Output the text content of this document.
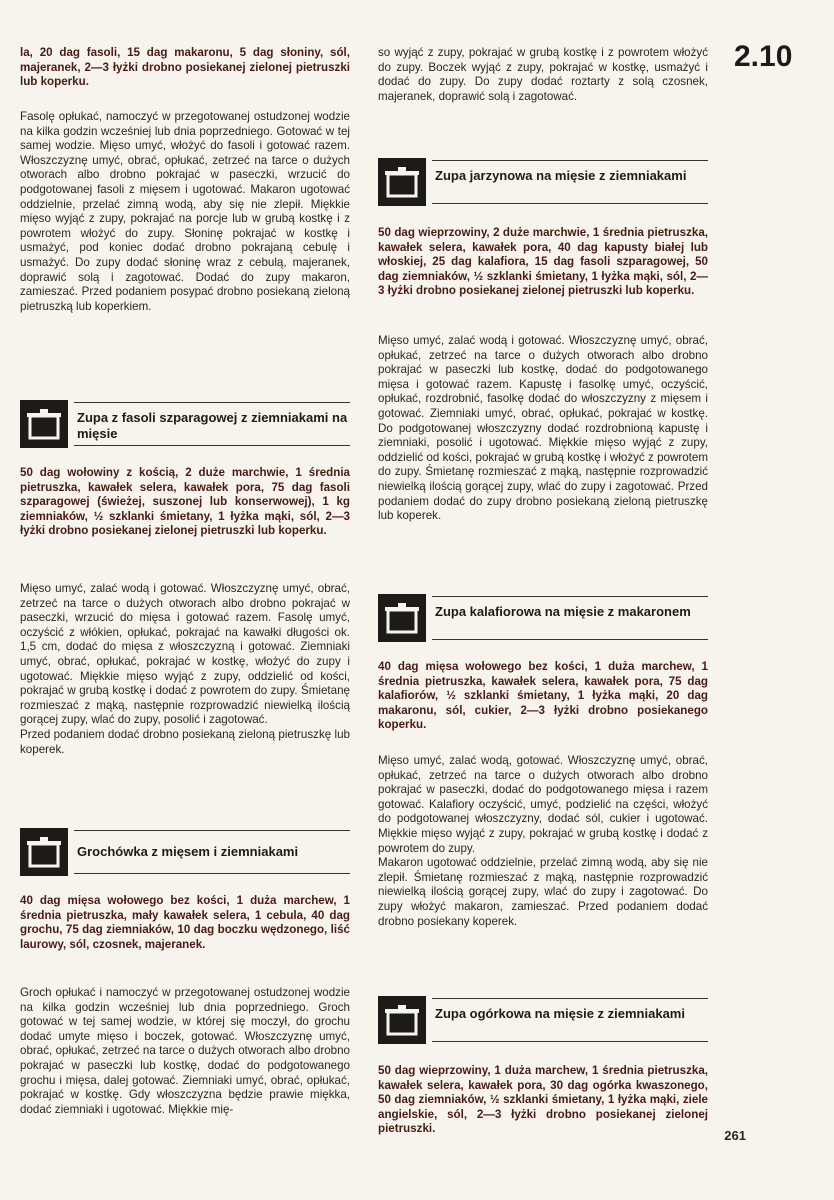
2.10

la, 20 dag fasoli, 15 dag makaronu, 5 dag słoniny, sól, majeranek, 2—3 łyżki drobno posiekanej zielonej pietruszki lub koperku.

Fasolę opłukać, namoczyć w przegotowanej ostudzonej wodzie na kilka godzin wcześniej lub dnia poprzedniego. Gotować w tej samej wodzie. Mięso umyć, włożyć do fasoli i gotować razem. Włoszczyznę umyć, obrać, opłukać, zetrzeć na tarce o dużych otworach albo drobno pokrajać w paseczki, wrzucić do podgotowanej fasoli z mięsem i ugotować. Makaron ugotować oddzielnie, przelać zimną wodą, aby się nie zlepił. Miękkie mięso wyjąć z zupy, pokrajać na porcje lub w grubą kostkę i z powrotem włożyć do zupy. Słoninę pokrajać w kostkę i usmażyć, pod koniec dodać drobno pokrajaną cebulę i usmażyć. Do zupy dodać słoninę wraz z cebulą, majeranek, doprawić solą i zagotować. Dodać do zupy makaron, zamieszać. Przed podaniem posypać drobno posiekaną zieloną pietruszką lub koperkiem.

Zupa z fasoli szparagowej z ziemniakami na mięsie

50 dag wołowiny z kością, 2 duże marchwie, 1 średnia pietruszka, kawałek selera, kawałek pora, 75 dag fasoli szparagowej (świeżej, suszonej lub konserwowej), 1 kg ziemniaków, ½ szklanki śmietany, 1 łyżka mąki, sól, 2—3 łyżki drobno posiekanej zielonej pietruszki lub koperku.

Mięso umyć, zalać wodą i gotować. Włoszczyznę umyć, obrać, zetrzeć na tarce o dużych otworach albo drobno pokrajać w paseczki, wrzucić do mięsa i gotować razem. Fasolę umyć, oczyścić z włókien, opłukać, pokrajać na kawałki długości ok. 1,5 cm, dodać do mięsa z włoszczyzną i gotować. Ziemniaki umyć, obrać, opłukać, pokrajać w kostkę, włożyć do zupy i ugotować. Miękkie mięso wyjąć z zupy, oddzielić od kości, pokrajać w grubą kostkę i dodać z powrotem do zupy. Śmietanę rozmieszać z mąką, następnie rozprowadzić niewielką ilością gorącej zupy, wlać do zupy, posolić i zagotować.

Przed podaniem dodać drobno posiekaną zieloną pietruszkę lub koperek.

Grochówka z mięsem i ziemniakami

40 dag mięsa wołowego bez kości, 1 duża marchew, 1 średnia pietruszka, mały kawałek selera, 1 cebula, 40 dag grochu, 75 dag ziemniaków, 10 dag boczku wędzonego, liść laurowy, sól, czosnek, majeranek.

Groch opłukać i namoczyć w przegotowanej ostudzonej wodzie na kilka godzin wcześniej lub dnia poprzedniego. Groch gotować w tej samej wodzie, w której się moczył, do grochu dodać umyte mięso i boczek, gotować. Włoszczyznę umyć, obrać, opłukać, zetrzeć na tarce o dużych otworach albo drobno pokrajać w paseczki lub kostkę, dodać do podgotowanego grochu i mięsa, dalej gotować. Ziemniaki umyć, obrać, opłukać, pokrajać w kostkę. Gdy włoszczyzna będzie prawie miękka, dodać ziemniaki i ugotować. Miękkie mię-

so wyjąć z zupy, pokrajać w grubą kostkę i z powrotem włożyć do zupy. Boczek wyjąć z zupy, pokrajać w kostkę, usmażyć i dodać do zupy. Do zupy dodać roztarty z solą czosnek, majeranek, doprawić solą i zagotować.

Zupa jarzynowa na mięsie z ziemniakami

50 dag wieprzowiny, 2 duże marchwie, 1 średnia pietruszka, kawałek selera, kawałek pora, 40 dag kapusty białej lub włoskiej, 25 dag kalafiora, 15 dag fasoli szparagowej, 50 dag ziemniaków, ½ szklanki śmietany, 1 łyżka mąki, sól, 2—3 łyżki drobno posiekanej zielonej pietruszki lub koperku.

Mięso umyć, zalać wodą i gotować. Włoszczyznę umyć, obrać, opłukać, zetrzeć na tarce o dużych otworach albo drobno pokrajać w paseczki lub kostkę, dodać do podgotowanego mięsa i gotować razem. Kapustę i fasolkę umyć, oczyścić, opłukać, rozdrobnić, fasolkę dodać do włoszczyzny z mięsem i gotować. Ziemniaki umyć, obrać, opłukać, pokrajać w kostkę. Do podgotowanej włoszczyzny dodać rozdrobnioną kapustę i ziemniaki, posolić i ugotować. Miękkie mięso wyjąć z zupy, oddzielić od kości, pokrajać w grubą kostkę i włożyć z powrotem do zupy. Śmietanę rozmieszać z mąką, następnie rozprowadzić niewielką ilością gorącej zupy, wlać do zupy i zagotować. Przed podaniem dodać do zupy drobno posiekaną zieloną pietruszkę lub koperek.

Zupa kalafiorowa na mięsie z makaronem

40 dag mięsa wołowego bez kości, 1 duża marchew, 1 średnia pietruszka, kawałek selera, kawałek pora, 75 dag kalafiorów, ½ szklanki śmietany, 1 łyżka mąki, 20 dag makaronu, sól, cukier, 2—3 łyżki drobno posiekanego koperku.

Mięso umyć, zalać wodą, gotować. Włoszczyznę umyć, obrać, opłukać, zetrzeć na tarce o dużych otworach albo drobno pokrajać w paseczki, dodać do podgotowanego mięsa i razem gotować. Kalafiory oczyścić, umyć, podzielić na części, włożyć do podgotowanej włoszczyzny, dodać sól, cukier i ugotować. Miękkie mięso wyjąć z zupy, pokrajać w grubą kostkę i dodać z powrotem do zupy.

Makaron ugotować oddzielnie, przelać zimną wodą, aby się nie zlepił. Śmietanę rozmieszać z mąką, następnie rozprowadzić niewielką ilością gorącej zupy, wlać do zupy i zagotować. Do zupy włożyć makaron, zamieszać. Przed podaniem dodać drobno posiekany koperek.

Zupa ogórkowa na mięsie z ziemniakami

50 dag wieprzowiny, 1 duża marchew, 1 średnia pietruszka, kawałek selera, kawałek pora, 30 dag ogórka kwaszonego, 50 dag ziemniaków, ½ szklanki śmietany, 1 łyżka mąki, ziele angielskie, sól, 2—3 łyżki drobno posiekanej zielonej pietruszki.	261
